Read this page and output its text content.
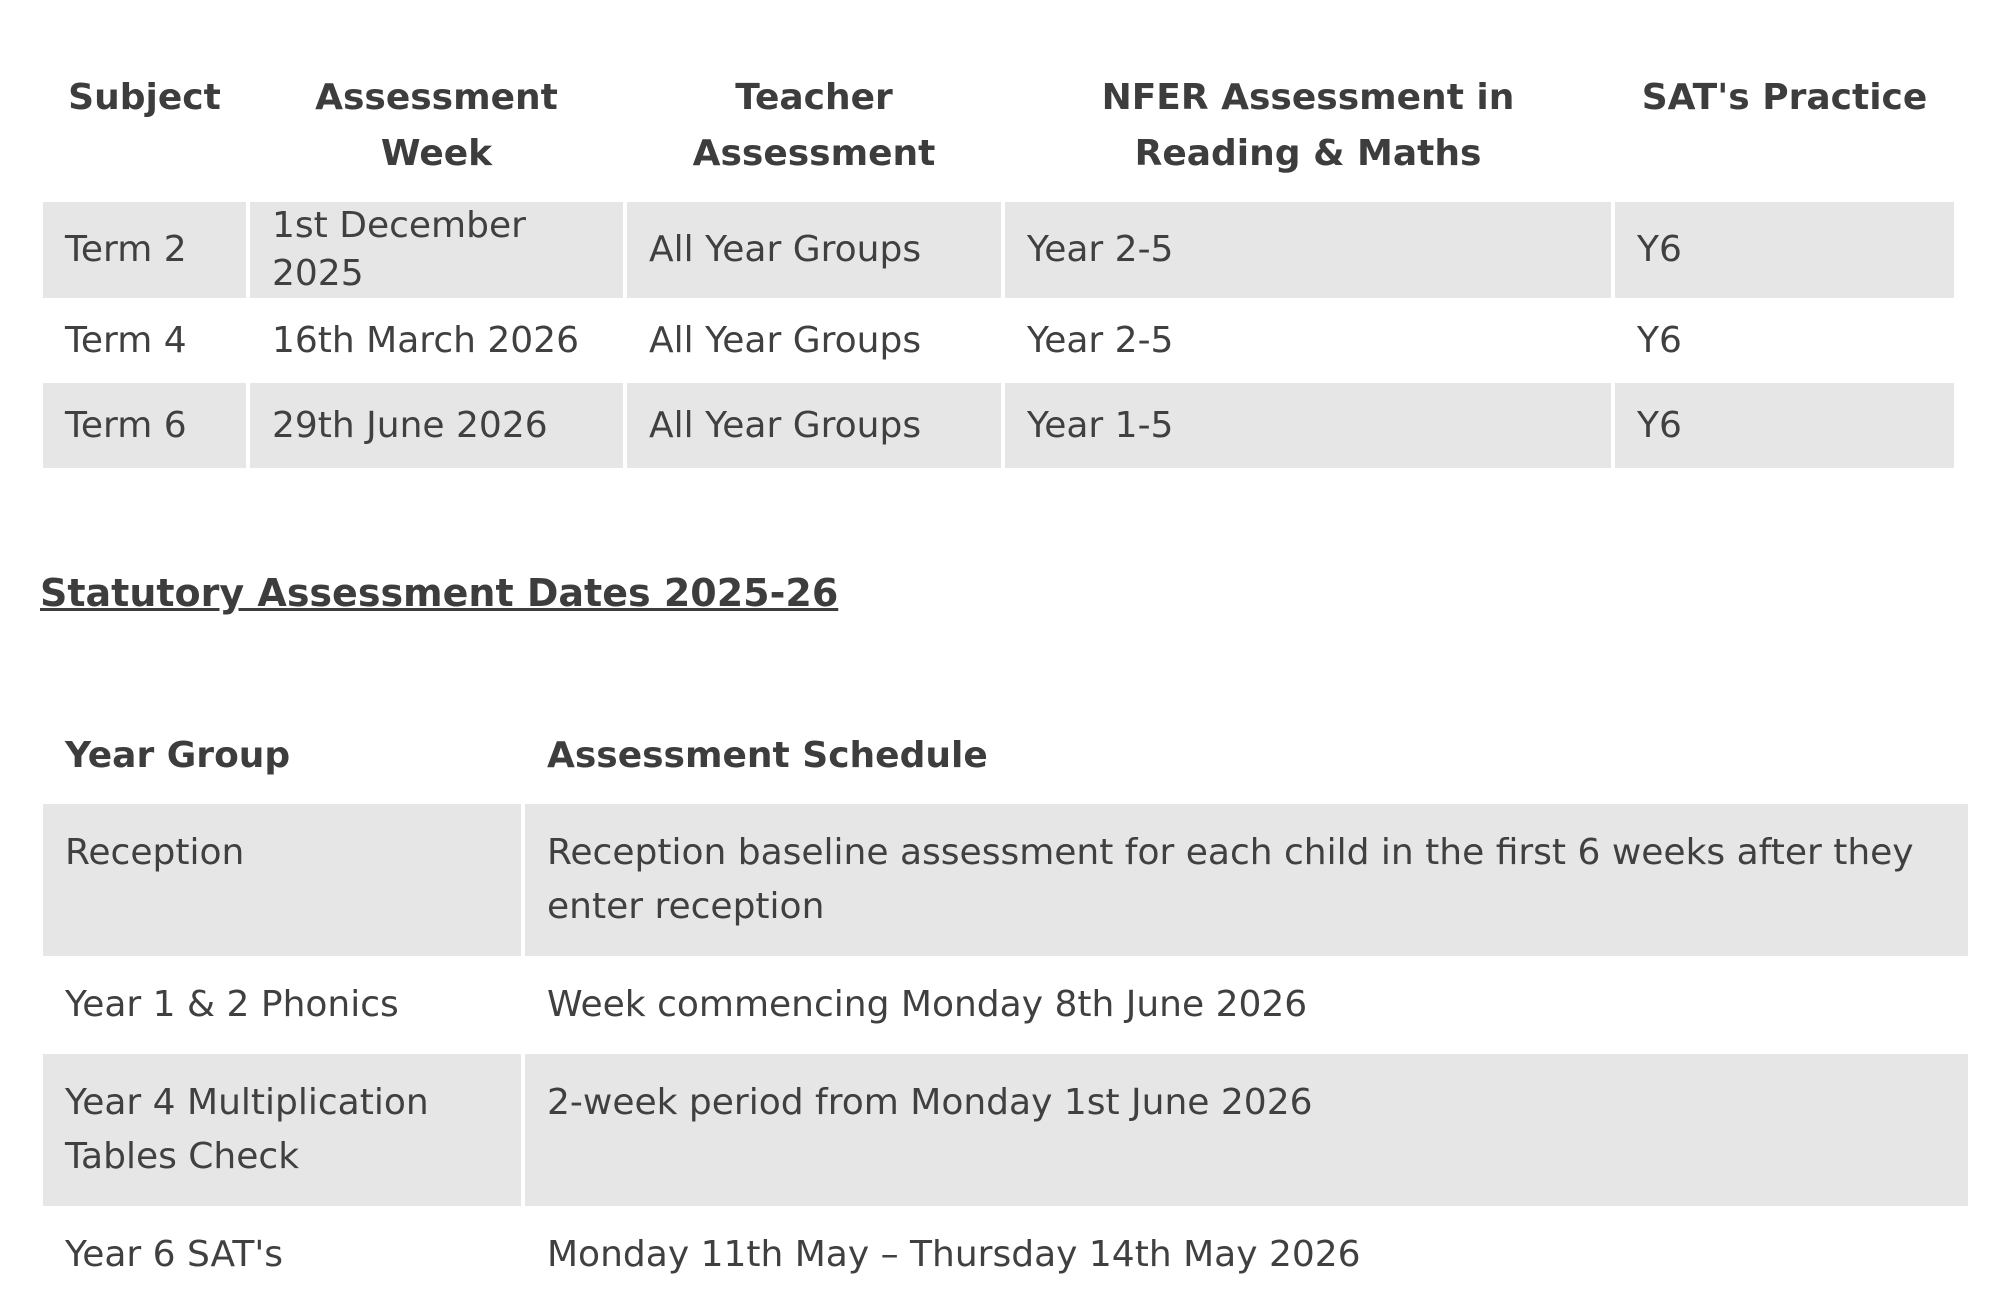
Subject	Assessment Week	Teacher Assessment	NFER Assessment in Reading & Maths	SAT's Practice
Term 2	1st December 2025	All Year Groups	Year 2-5	Y6
Term 4	16th March 2026	All Year Groups	Year 2-5	Y6
Term 6	29th June 2026	All Year Groups	Year 1-5	Y6
Statutory Assessment Dates 2025-26
Year Group	Assessment Schedule
Reception	Reception baseline assessment for each child in the first 6 weeks after they enter reception
Year 1 & 2 Phonics	Week commencing Monday 8th June 2026
Year 4 Multiplication Tables Check	2-week period from Monday 1st June 2026
Year 6 SAT's	Monday 11th May – Thursday 14th May 2026
